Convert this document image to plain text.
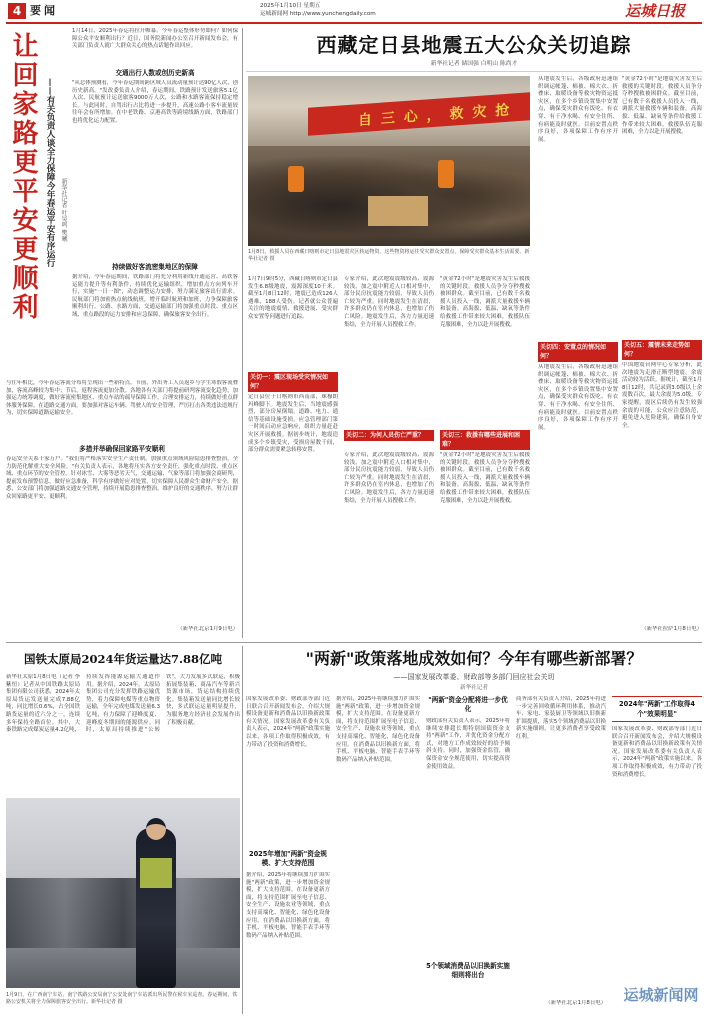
4 要闻	2025年1月10日 星期五
运城新闻网 http://www.yunchengdaily.com	运城日报
让回家路更平安更顺利 ——有关负责人谈全力保障今年春运平安有序运行 新华社记者 叶昊鸣 樊曦
1月14日，2025年春运将拉开帷幕。今年春运整体形势如何？如何保障公众平安顺利出行？近日，国务院新闻办公室召开新闻发布会，有关部门负责人就广大群众关心的热点话题作出回应。
交通出行人数或创历史新高
"从总体预测看，今年春运期间跨区域人员流动量预计达90亿人次，创历史新高。"发改委负责人介绍，春运期间，铁路预计发送旅客5.1亿人次、民航预计运送旅客9000万人次，公路和水路客流保持稳定增长。与此同时，自驾出行占比将进一步提升，高速公路小客车流量较往年会有所增加。在中老铁路、京港高铁等跨境线路方面，铁路部门也将优化运力配置。
持续做好客流密集地区的保障
据介绍，今年春运期间，铁路部门将充分利用新线开通运营、高铁客运能力提升等有利条件，持续优化运输组织，增加重点方向列车开行，实施"一日一图"，动态调整运力安排，努力满足旅客出行需求。民航部门将加密热点航线航班，增开临时航班和加班，力争保障旅客顺利出行。公路、水路方面，交通运输部门将加强重点时段、重点区域、重点路段的运力安排和应急保障，确保旅客安全出行。
与往年相比，今年春运客流分布将呈现出一些新特点。节前，外出务工人员返乡与学生寒假客流叠加，客流高峰较为集中；节后，返程客流更加分散。各地各有关部门将提前研判客流变化趋势，加强运力统筹调度，做好客流密集地区、重点车站的疏导保障工作，合理安排运力，持续做好重点群体服务保障。在道路交通方面，要加强对客运车辆、驾驶人的安全管理，严厉打击各类违法违规行为，切实保障道路运输安全。
多措并举确保回家路平安顺利
春运安全关系千家万户。"我们将严格落实安全生产责任制，加强重点领域风险隐患排查整治，全力防范化解重大安全风险。"有关负责人表示，各地将压实各方安全责任，强化重点时段、重点区域、重点环节的安全管控。针对冰雪、大雾等恶劣天气，交通运输、气象等部门将加强会商研判，提前发布预警信息，做好应急准备，科学有序做好应对处置，切实保障人民群众生命财产安全。据悉，公安部门将加强道路交通安全管理，持续开展隐患排查整治，维护良好的交通秩序，努力让群众回家路更平安、更顺利。
（新华社北京1月9日电）
西藏定日县地震五大公众关切追踪
新华社记者 储国强 白明山 陈尚才
自 三 心 ， 救 灾 抢
1月8日，救援人员在西藏日喀则市定日县地震灾区转运物资。这些物资将运往受灾群众安置点，保障受灾群众基本生活需要。新华社记者 摄
从地震发生后，各级政府迅速组织调运帐篷、棉被、棉大衣、折叠床、取暖设备等救灾物资运抵灾区，在多个乡镇设置集中安置点，确保受灾群众有饭吃、有衣穿、有干净水喝、有安全住所、有病能及时就医。目前安置点秩序良好，各项保障工作有序开展。
"黄金72小时"是地震灾害发生后救援的关键时段。救援人员争分夺秒搜救被困群众。截至目前，已有数千名救援人员投入一线，调派大量救援车辆和装备。高海拔、低温、缺氧等条件给救援工作带来较大困难，救援队伍克服困难，全力以赴开展搜救。
关切五：震情未来走势如何？
中国地震台网中心专家分析，此次地震为走滑正断型地震，余震活动较为活跃。据统计，截至1月8日12时，共记录到3.0级以上余震数百次，最大余震为5.0级。专家提醒，震区后续仍有发生较强余震的可能，公众应注意防范，避免进入危险建筑，确保自身安全。
（新华社拉萨1月8日电）
1月7日9时5分，西藏日喀则市定日县发生6.8级地震，震源深度10千米。截至1月8日12时，地震已造成126人遇难、188人受伤。记者就公众普遍关注的地震震情、救援进展、受灾群众安置等问题进行追踪。
关切一：震区现场受灾情况如何？
定日县位于日喀则市西南部，珠穆朗玛峰脚下。地震发生后，当地震感强烈，部分房屋倒塌，道路、电力、通信等基础设施受损。应急管理部门第一时间启动应急响应，组织力量赶赴灾区开展救援。据初步统计，地震造成多个乡镇受灾，受损房屋数千间，部分群众需要紧急转移安置。
专家介绍，此次地震震级较高、震源较浅，加之震中附近人口相对集中，部分民房抗震能力较弱，导致人员伤亡较为严重。同时地震发生在清晨，许多群众仍在室内休息，也增加了伤亡风险。地震发生后，各方力量迅速集结，全力开展人员搜救工作。
关切二：为何人员伤亡严重？
专家介绍，此次地震震级较高、震源较浅，加之震中附近人口相对集中，部分民房抗震能力较弱，导致人员伤亡较为严重。同时地震发生在清晨，许多群众仍在室内休息，也增加了伤亡风险。地震发生后，各方力量迅速集结，全力开展人员搜救工作。
"黄金72小时"是地震灾害发生后救援的关键时段。救援人员争分夺秒搜救被困群众。截至目前，已有数千名救援人员投入一线，调派大量救援车辆和装备。高海拔、低温、缺氧等条件给救援工作带来较大困难，救援队伍克服困难，全力以赴开展搜救。
关切三：救援有哪些进展和困难？
"黄金72小时"是地震灾害发生后救援的关键时段。救援人员争分夺秒搜救被困群众。截至目前，已有数千名救援人员投入一线，调派大量救援车辆和装备。高海拔、低温、缺氧等条件给救援工作带来较大困难，救援队伍克服困难，全力以赴开展搜救。
关切四：安置点的情况如何？
从地震发生后，各级政府迅速组织调运帐篷、棉被、棉大衣、折叠床、取暖设备等救灾物资运抵灾区，在多个乡镇设置集中安置点，确保受灾群众有饭吃、有衣穿、有干净水喝、有安全住所、有病能及时就医。目前安置点秩序良好，各项保障工作有序开展。
国铁太原局2024年货运量达7.88亿吨
新华社太原1月8日电（记者 李紫恒）记者从中国铁路太原局集团有限公司获悉，2024年太原局货运发送量完成7.88亿吨，同比增长0.6%，占全国铁路货运量的近六分之一，连续多年保持全路首位。其中，大秦铁路完成煤炭运量4.2亿吨，持续发挥能源运输大通道作用。据介绍，2024年，太原局集团公司充分发挥铁路运输优势，着力保障电煤等重点物资运输，全年完成电煤发送量6.3亿吨，有力保障了迎峰度夏、迎峰度冬期间的能源供应。同时，太原局持续推进"公转铁"，大力发展多式联运，积极拓展集装箱、商品汽车等新兴货源市场，货运结构持续优化。集装箱发送量同比增长较快，多式联运运量明显提升，为服务地方经济社会发展作出了积极贡献。
1月9日，在广西南宁车站，南宁铁路公安局南宁公安处南宁车站派出所民警在候车室巡查。春运期间，铁路公安机关将全力保障旅客安全出行。新华社记者 摄
"两新"政策落地成效如何？今年有哪些新部署？
——国家发展改革委、财政部等多部门回应社会关切
新华社记者
国家发展改革委、财政部等部门近日联合召开新闻发布会，介绍大规模设备更新和消费品以旧换新政策有关情况。国家发展改革委有关负责人表示，2024年"两新"政策实施以来，各项工作取得积极成效，有力带动了投资和消费增长。
2025年增加"两新"资金规模、扩大支持范围
据介绍，2025年将继续加力扩围实施"两新"政策，进一步增加资金规模，扩大支持范围。在设备更新方面，将支持范围扩展至电子信息、安全生产、设施农业等领域，重点支持高端化、智能化、绿色化设备应用。在消费品以旧换新方面，将手机、平板电脑、智能手表手环等数码产品纳入补贴范围。
据介绍，2025年将继续加力扩围实施"两新"政策，进一步增加资金规模，扩大支持范围。在设备更新方面，将支持范围扩展至电子信息、安全生产、设施农业等领域，重点支持高端化、智能化、绿色化设备应用。在消费品以旧换新方面，将手机、平板电脑、智能手表手环等数码产品纳入补贴范围。
"两新"资金分配将进一步优化
财政部有关负责人表示，2025年将继续安排超长期特别国债资金支持"两新"工作，并优化资金分配方式，对地方工作成效较好的给予倾斜支持。同时，加强资金监管，确保资金安全规范使用，切实提高资金使用效益。
5个领域消费品以旧换新实施细则将出台
商务部有关负责人介绍，2025年将进一步完善回收循环利用体系，推动汽车、家电、家装厨卫等领域以旧换新扩围提质，落实5个领域消费品以旧换新实施细则，让更多消费者享受政策红利。
（新华社北京1月8日电）
2024年"两新"工作取得4个"效果明显"
国家发展改革委、财政部等部门近日联合召开新闻发布会，介绍大规模设备更新和消费品以旧换新政策有关情况。国家发展改革委有关负责人表示，2024年"两新"政策实施以来，各项工作取得积极成效，有力带动了投资和消费增长。
运城新闻网
